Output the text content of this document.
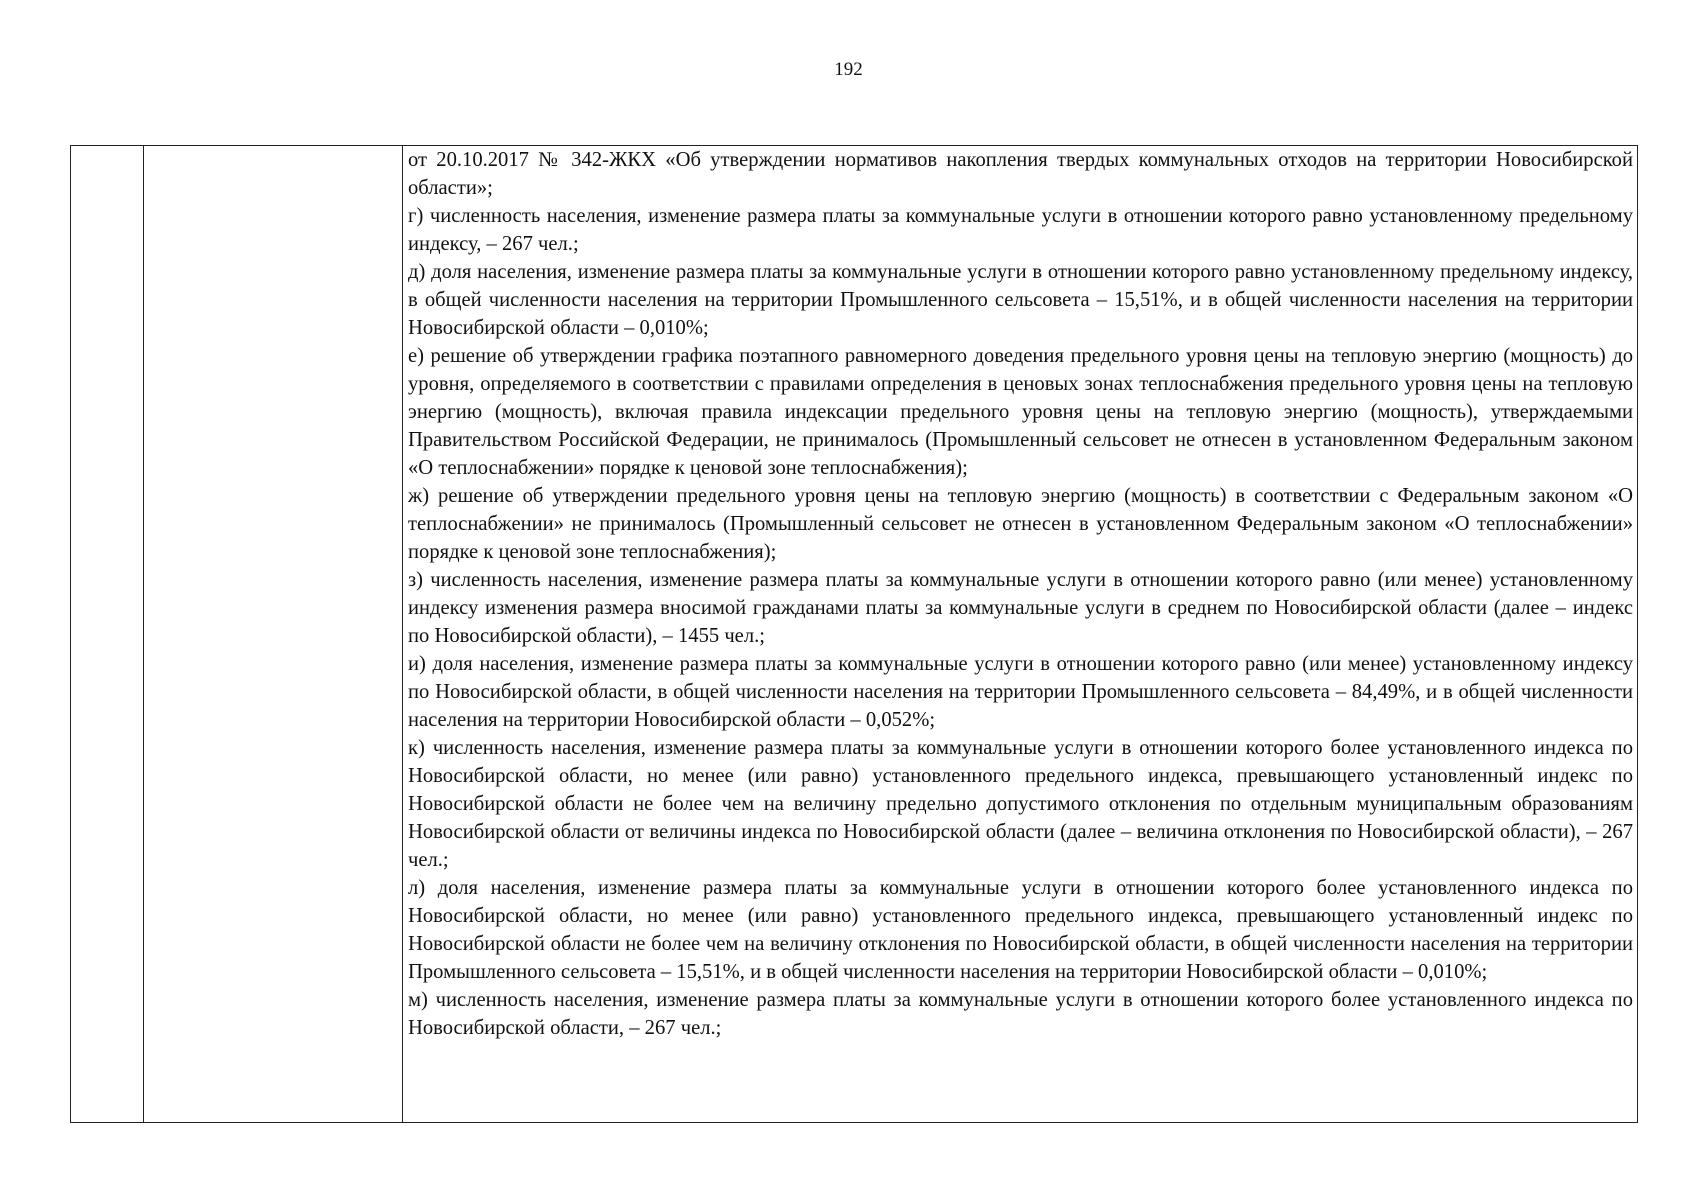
192

от 20.10.2017 № 342-ЖКХ «Об утверждении нормативов накопления твердых коммунальных отходов на территории Новосибирской области»;

г) численность населения, изменение размера платы за коммунальные услуги в отношении которого равно установленному предельному индексу, – 267 чел.;

д) доля населения, изменение размера платы за коммунальные услуги в отношении которого равно установленному предельному индексу, в общей численности населения на территории Промышленного сельсовета – 15,51%, и в общей численности населения на территории Новосибирской области – 0,010%;

е) решение об утверждении графика поэтапного равномерного доведения предельного уровня цены на тепловую энергию (мощность) до уровня, определяемого в соответствии с правилами определения в ценовых зонах теплоснабжения предельного уровня цены на тепловую энергию (мощность), включая правила индексации предельного уровня цены на тепловую энергию (мощность), утверждаемыми Правительством Российской Федерации, не принималось (Промышленный сельсовет не отнесен в установленном Федеральным законом «О теплоснабжении» порядке к ценовой зоне теплоснабжения);

ж) решение об утверждении предельного уровня цены на тепловую энергию (мощность) в соответствии с Федеральным законом «О теплоснабжении» не принималось (Промышленный сельсовет не отнесен в установленном Федеральным законом «О теплоснабжении» порядке к ценовой зоне теплоснабжения);

з) численность населения, изменение размера платы за коммунальные услуги в отношении которого равно (или менее) установленному индексу изменения размера вносимой гражданами платы за коммунальные услуги в среднем по Новосибирской области (далее – индекс по Новосибирской области), – 1455 чел.;

и) доля населения, изменение размера платы за коммунальные услуги в отношении которого равно (или менее) установленному индексу по Новосибирской области, в общей численности населения на территории Промышленного сельсовета – 84,49%, и в общей численности населения на территории Новосибирской области – 0,052%;

к) численность населения, изменение размера платы за коммунальные услуги в отношении которого более установленного индекса по Новосибирской области, но менее (или равно) установленного предельного индекса, превышающего установленный индекс по Новосибирской области не более чем на величину предельно допустимого отклонения по отдельным муниципальным образованиям Новосибирской области от величины индекса по Новосибирской области (далее – величина отклонения по Новосибирской области), – 267 чел.;

л) доля населения, изменение размера платы за коммунальные услуги в отношении которого более установленного индекса по Новосибирской области, но менее (или равно) установленного предельного индекса, превышающего установленный индекс по Новосибирской области не более чем на величину отклонения по Новосибирской области, в общей численности населения на территории Промышленного сельсовета – 15,51%, и в общей численности населения на территории Новосибирской области – 0,010%;

м) численность населения, изменение размера платы за коммунальные услуги в отношении которого более установленного индекса по Новосибирской области, – 267 чел.;
